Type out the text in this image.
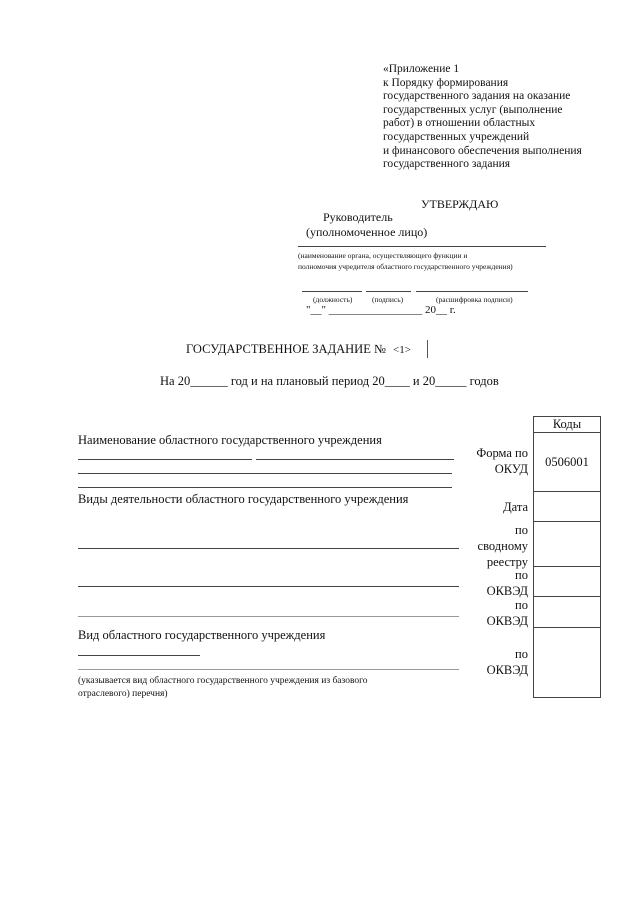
«Приложение 1
к Порядку формирования
государственного задания на оказание
государственных услуг (выполнение
работ) в отношении областных
государственных учреждений
и финансового обеспечения выполнения
государственного задания
УТВЕРЖДАЮ
Руководитель
(уполномоченное лицо)
(наименование органа, осуществляющего функции и
полномочия учредителя областного государственного учреждения)
(должность)	(подпись)	(расшифровка подписи)
"__" _________________ 20__ г.
ГОСУДАРСТВЕННОЕ ЗАДАНИЕ № <1>
На 20______ год и на плановый период 20____ и 20_____ годов
Наименование областного государственного учреждения
Виды деятельности областного государственного учреждения
Вид областного государственного учреждения
(указывается вид областного государственного учреждения из базового
отраслевого) перечня)
Коды
0506001
Форма по
ОКУД
Дата
по
сводному
реестру
по
ОКВЭД
по
ОКВЭД
по
ОКВЭД
